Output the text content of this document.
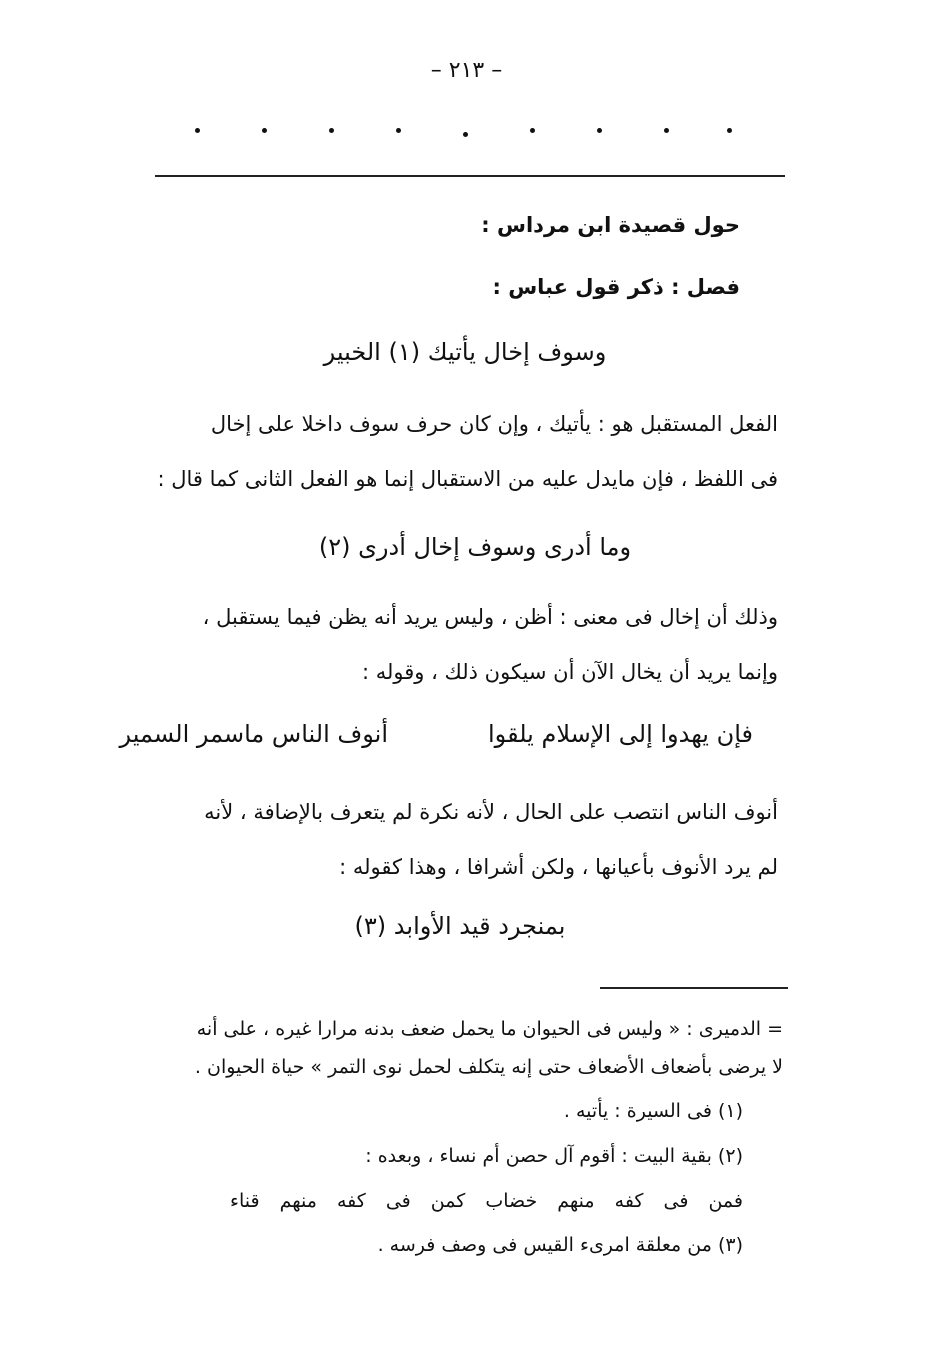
– ٢١٣ –
حول قصيدة ابن مرداس :
فصل : ذكر قول عباس :
وسوف إخال يأتيك (١) الخبير
الفعل المستقبل هو : يأتيك ، وإن كان حرف سوف داخلا على إخال
فى اللفظ ، فإن مايدل عليه من الاستقبال إنما هو الفعل الثانى كما قال :
وما أدرى وسوف إخال أدرى (٢)
وذلك أن إخال فى معنى : أظن ، وليس يريد أنه يظن فيما يستقبل ،
وإنما يريد أن يخال الآن أن سيكون ذلك ، وقوله :
فإن يهدوا إلى الإسلام يلقوا
أنوف الناس ماسمر السمير
أنوف الناس انتصب على الحال ، لأنه نكرة لم يتعرف بالإضافة ، لأنه
لم يرد الأنوف بأعيانها ، ولكن أشرافا ، وهذا كقوله :
بمنجرد قيد الأوابد (٣)
= الدميرى : « وليس فى الحيوان ما يحمل ضعف بدنه مرارا غيره ، على أنه
لا يرضى بأضعاف الأضعاف حتى إنه يتكلف لحمل نوى التمر » حياة الحيوان .
(١) فى السيرة : يأتيه .
(٢) بقية البيت : أقوم آل حصن أم نساء ، وبعده :
فمن فى كفه منهم خضاب كمن فى كفه منهم قناء
(٣) من معلقة امرىء القيس فى وصف فرسه .
